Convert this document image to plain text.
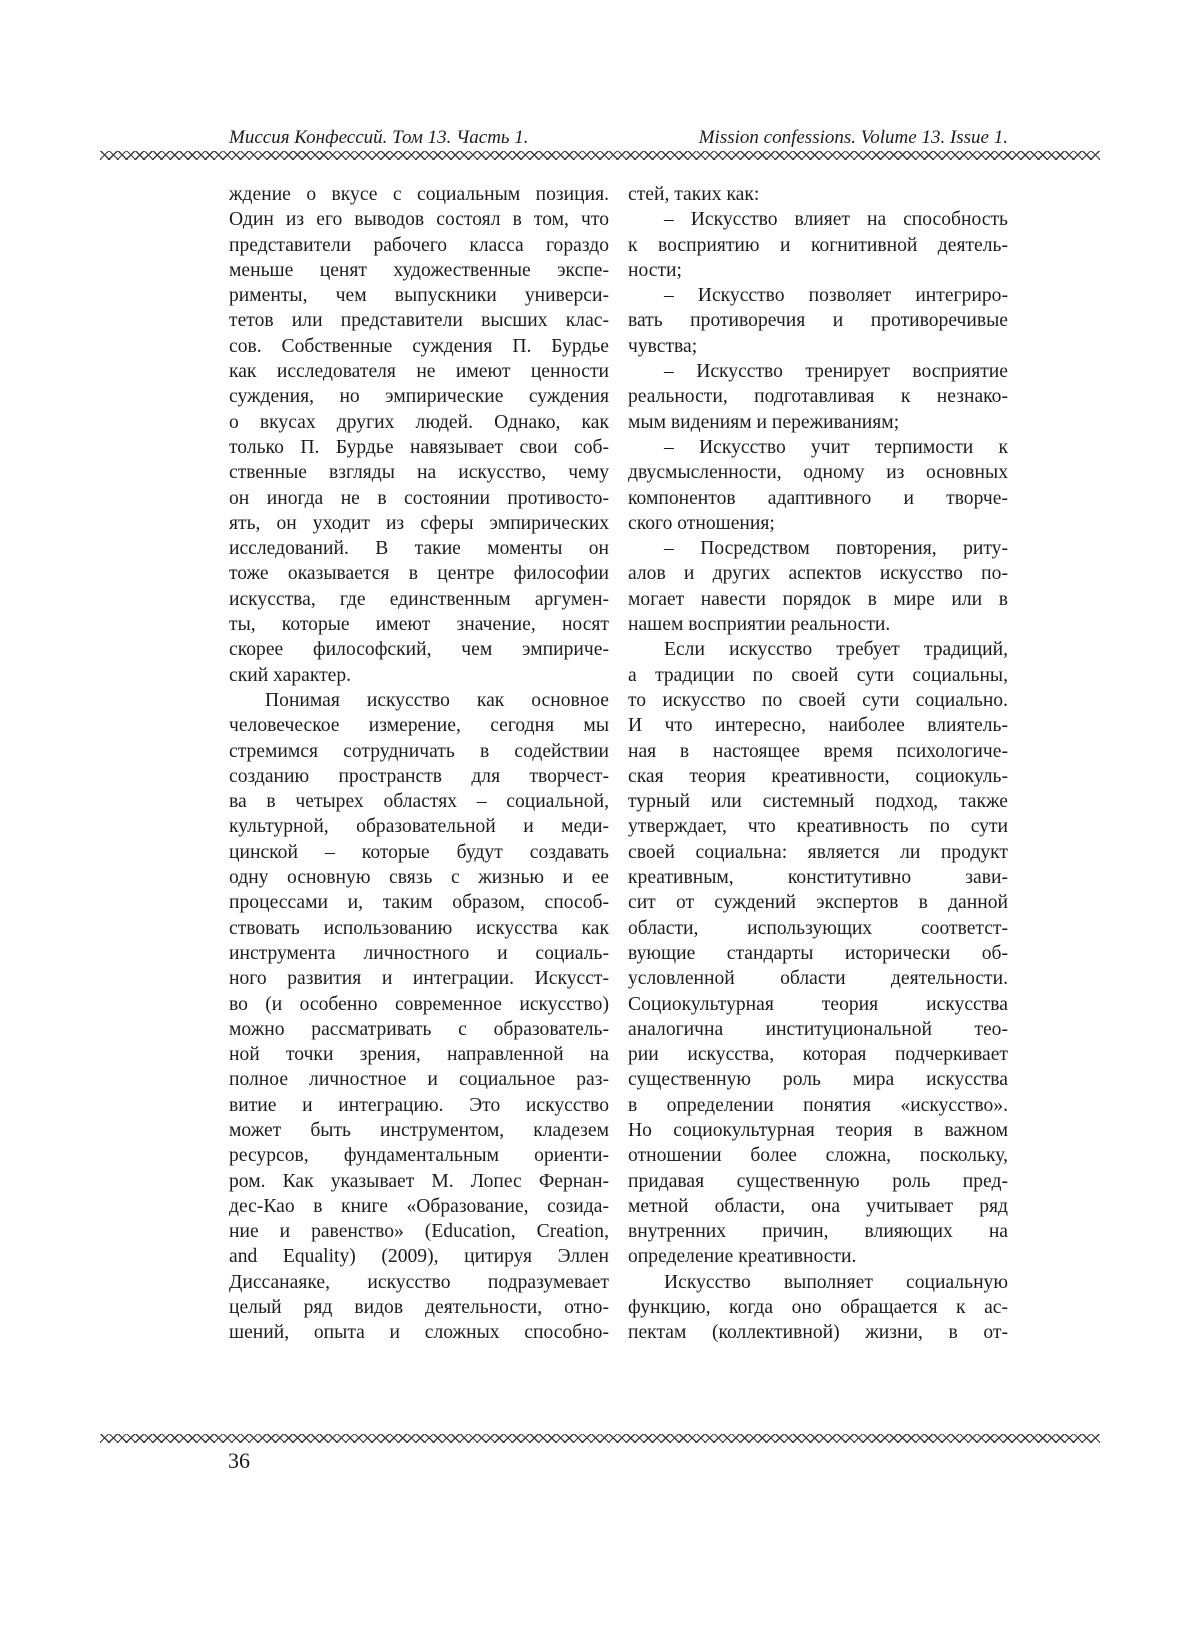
Миссия Конфессий. Том 13. Часть 1.	Mission confessions. Volume 13. Issue 1.
ждение о вкусе с социальным позиция.
Один из его выводов состоял в том, что
представители рабочего класса гораздо
меньше ценят художественные экспе-
рименты, чем выпускники универси-
тетов или представители высших клас-
сов. Собственные суждения П. Бурдье
как исследователя не имеют ценности
суждения, но эмпирические суждения
о вкусах других людей. Однако, как
только П. Бурдье навязывает свои соб-
ственные взгляды на искусство, чему
он иногда не в состоянии противосто-
ять, он уходит из сферы эмпирических
исследований. В такие моменты он
тоже оказывается в центре философии
искусства, где единственным аргумен-
ты, которые имеют значение, носят
скорее философский, чем эмпириче-
ский характер.
Понимая искусство как основное
человеческое измерение, сегодня мы
стремимся сотрудничать в содействии
созданию пространств для творчест-
ва в четырех областях – социальной,
культурной, образовательной и меди-
цинской – которые будут создавать
одну основную связь с жизнью и ее
процессами и, таким образом, способ-
ствовать использованию искусства как
инструмента личностного и социаль-
ного развития и интеграции. Искусст-
во (и особенно современное искусство)
можно рассматривать с образователь-
ной точки зрения, направленной на
полное личностное и социальное раз-
витие и интеграцию. Это искусство
может быть инструментом, кладезем
ресурсов, фундаментальным ориенти-
ром. Как указывает М. Лопес Фернан-
дес-Као в книге «Образование, созида-
ние и равенство» (Education, Creation,
and Equality) (2009), цитируя Эллен
Диссанаяке, искусство подразумевает
целый ряд видов деятельности, отно-
шений, опыта и сложных способно-
стей, таких как:
– Искусство влияет на способность
к восприятию и когнитивной деятель-
ности;
– Искусство позволяет интегриро-
вать противоречия и противоречивые
чувства;
– Искусство тренирует восприятие
реальности, подготавливая к незнако-
мым видениям и переживаниям;
– Искусство учит терпимости к
двусмысленности, одному из основных
компонентов адаптивного и творче-
ского отношения;
– Посредством повторения, риту-
алов и других аспектов искусство по-
могает навести порядок в мире или в
нашем восприятии реальности.
Если искусство требует традиций,
а традиции по своей сути социальны,
то искусство по своей сути социально.
И что интересно, наиболее влиятель-
ная в настоящее время психологиче-
ская теория креативности, социокуль-
турный или системный подход, также
утверждает, что креативность по сути
своей социальна: является ли продукт
креативным, конститутивно зави-
сит от суждений экспертов в данной
области, использующих соответст-
вующие стандарты исторически об-
условленной области деятельности.
Социокультурная теория искусства
аналогична институциональной тео-
рии искусства, которая подчеркивает
существенную роль мира искусства
в определении понятия «искусство».
Но социокультурная теория в важном
отношении более сложна, поскольку,
придавая существенную роль пред-
метной области, она учитывает ряд
внутренних причин, влияющих на
определение креативности.
Искусство выполняет социальную
функцию, когда оно обращается к ас-
пектам (коллективной) жизни, в от-
36
